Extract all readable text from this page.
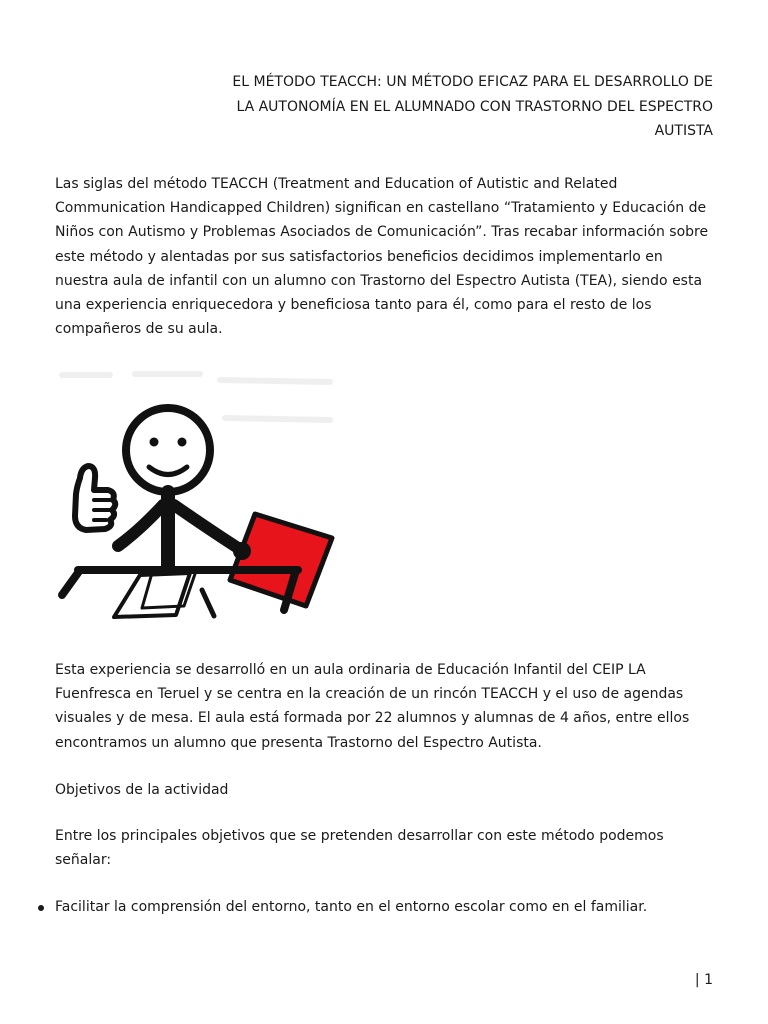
EL MÉTODO TEACCH: UN MÉTODO EFICAZ PARA EL DESARROLLO DE
LA AUTONOMÍA EN EL ALUMNADO CON TRASTORNO DEL ESPECTRO
AUTISTA
Las siglas del método TEACCH (Treatment and Education of Autistic and Related
Communication Handicapped Children) significan en castellano “Tratamiento y Educación de
Niños con Autismo y Problemas Asociados de Comunicación”. Tras recabar información sobre
este método y alentadas por sus satisfactorios beneficios decidimos implementarlo en
nuestra aula de infantil con un alumno con Trastorno del Espectro Autista (TEA), siendo esta
una experiencia enriquecedora y beneficiosa tanto para él, como para el resto de los
compañeros de su aula.
Esta experiencia se desarrolló en un aula ordinaria de Educación Infantil del CEIP LA
Fuenfresca en Teruel y se centra en la creación de un rincón TEACCH y el uso de agendas
visuales y de mesa. El aula está formada por 22 alumnos y alumnas de 4 años, entre ellos
encontramos un alumno que presenta Trastorno del Espectro Autista.
Objetivos de la actividad
Entre los principales objetivos que se pretenden desarrollar con este método podemos
señalar:
Facilitar la comprensión del entorno, tanto en el entorno escolar como en el familiar.
| 1
